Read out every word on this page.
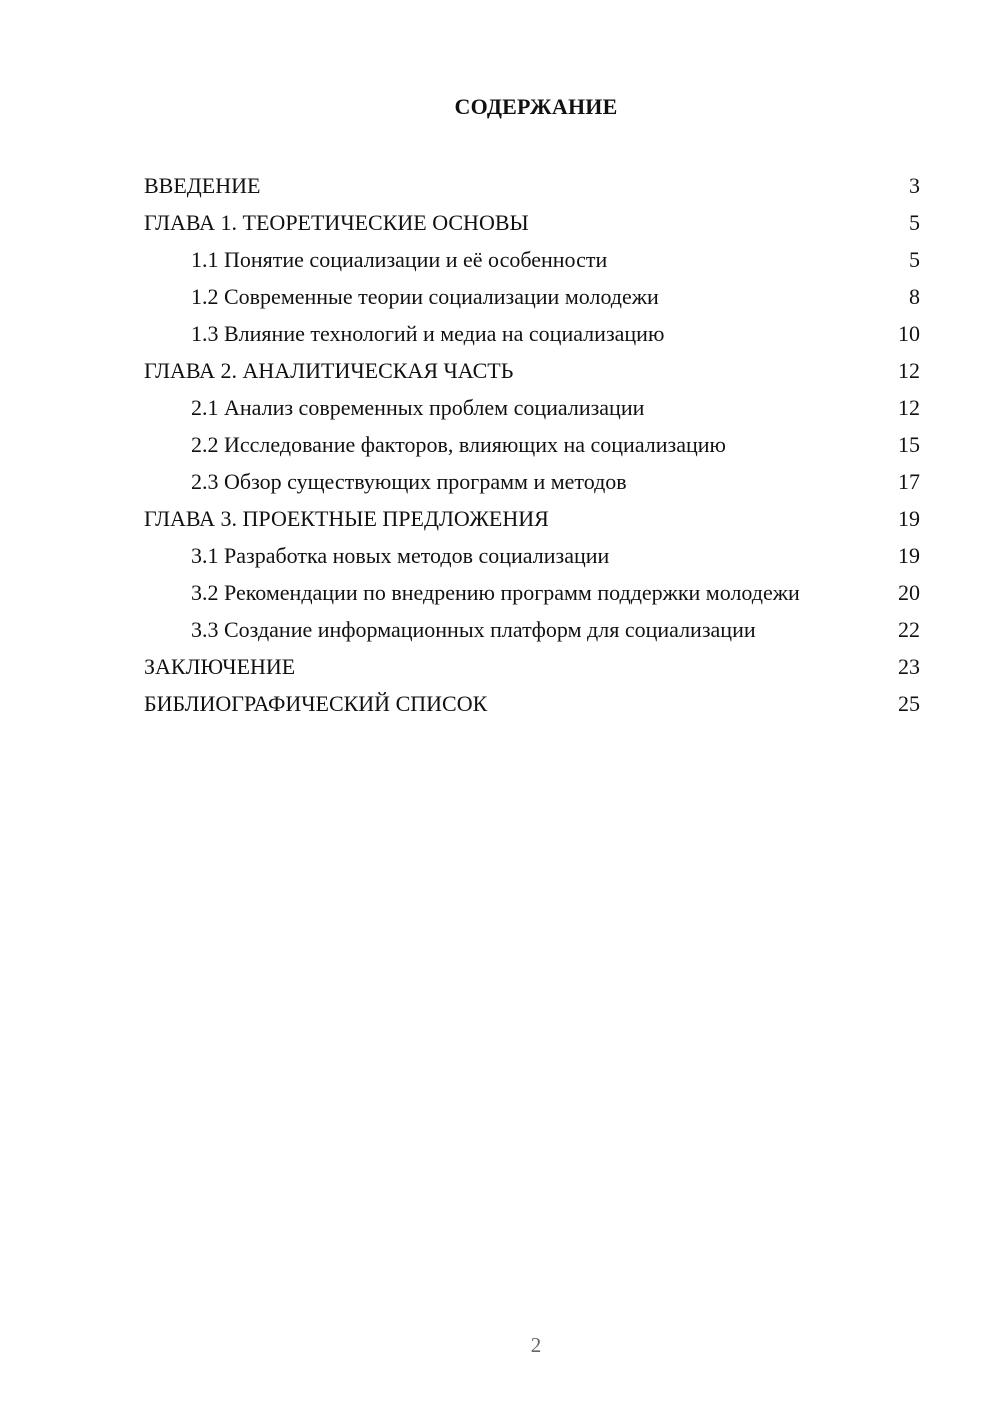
СОДЕРЖАНИЕ
ВВЕДЕНИЕ	3
ГЛАВА 1. ТЕОРЕТИЧЕСКИЕ ОСНОВЫ	5
1.1 Понятие социализации и её особенности	5
1.2 Современные теории социализации молодежи	8
1.3 Влияние технологий и медиа на социализацию	10
ГЛАВА 2. АНАЛИТИЧЕСКАЯ ЧАСТЬ	12
2.1 Анализ современных проблем социализации	12
2.2 Исследование факторов, влияющих на социализацию	15
2.3 Обзор существующих программ и методов	17
ГЛАВА 3. ПРОЕКТНЫЕ ПРЕДЛОЖЕНИЯ	19
3.1 Разработка новых методов социализации	19
3.2 Рекомендации по внедрению программ поддержки молодежи	20
3.3 Создание информационных платформ для социализации	22
ЗАКЛЮЧЕНИЕ	23
БИБЛИОГРАФИЧЕСКИЙ СПИСОК	25
2
